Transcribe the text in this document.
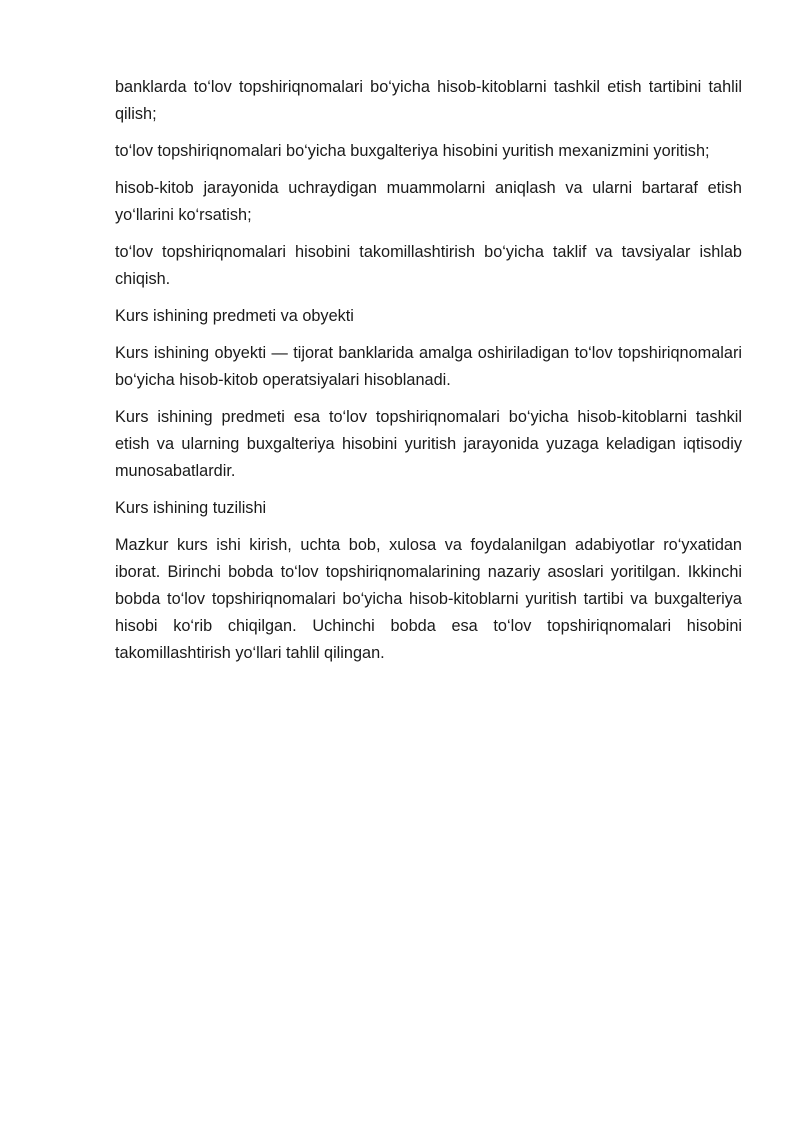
banklarda to‘lov topshiriqnomalari bo‘yicha hisob-kitoblarni tashkil etish tartibini tahlil qilish;

to‘lov topshiriqnomalari bo‘yicha buxgalteriya hisobini yuritish mexanizmini yoritish;

hisob-kitob jarayonida uchraydigan muammolarni aniqlash va ularni bartaraf etish yo‘llarini ko‘rsatish;

to‘lov topshiriqnomalari hisobini takomillashtirish bo‘yicha taklif va tavsiyalar ishlab chiqish.

Kurs ishining predmeti va obyekti

Kurs ishining obyekti — tijorat banklarida amalga oshiriladigan to‘lov topshiriqnomalari bo‘yicha hisob-kitob operatsiyalari hisoblanadi.

Kurs ishining predmeti esa to‘lov topshiriqnomalari bo‘yicha hisob-kitoblarni tashkil etish va ularning buxgalteriya hisobini yuritish jarayonida yuzaga keladigan iqtisodiy munosabatlardir.

Kurs ishining tuzilishi

Mazkur kurs ishi kirish, uchta bob, xulosa va foydalanilgan adabiyotlar ro‘yxatidan iborat. Birinchi bobda to‘lov topshiriqnomalarining nazariy asoslari yoritilgan. Ikkinchi bobda to‘lov topshiriqnomalari bo‘yicha hisob-kitoblarni yuritish tartibi va buxgalteriya hisobi ko‘rib chiqilgan. Uchinchi bobda esa to‘lov topshiriqnomalari hisobini takomillashtirish yo‘llari tahlil qilingan.
